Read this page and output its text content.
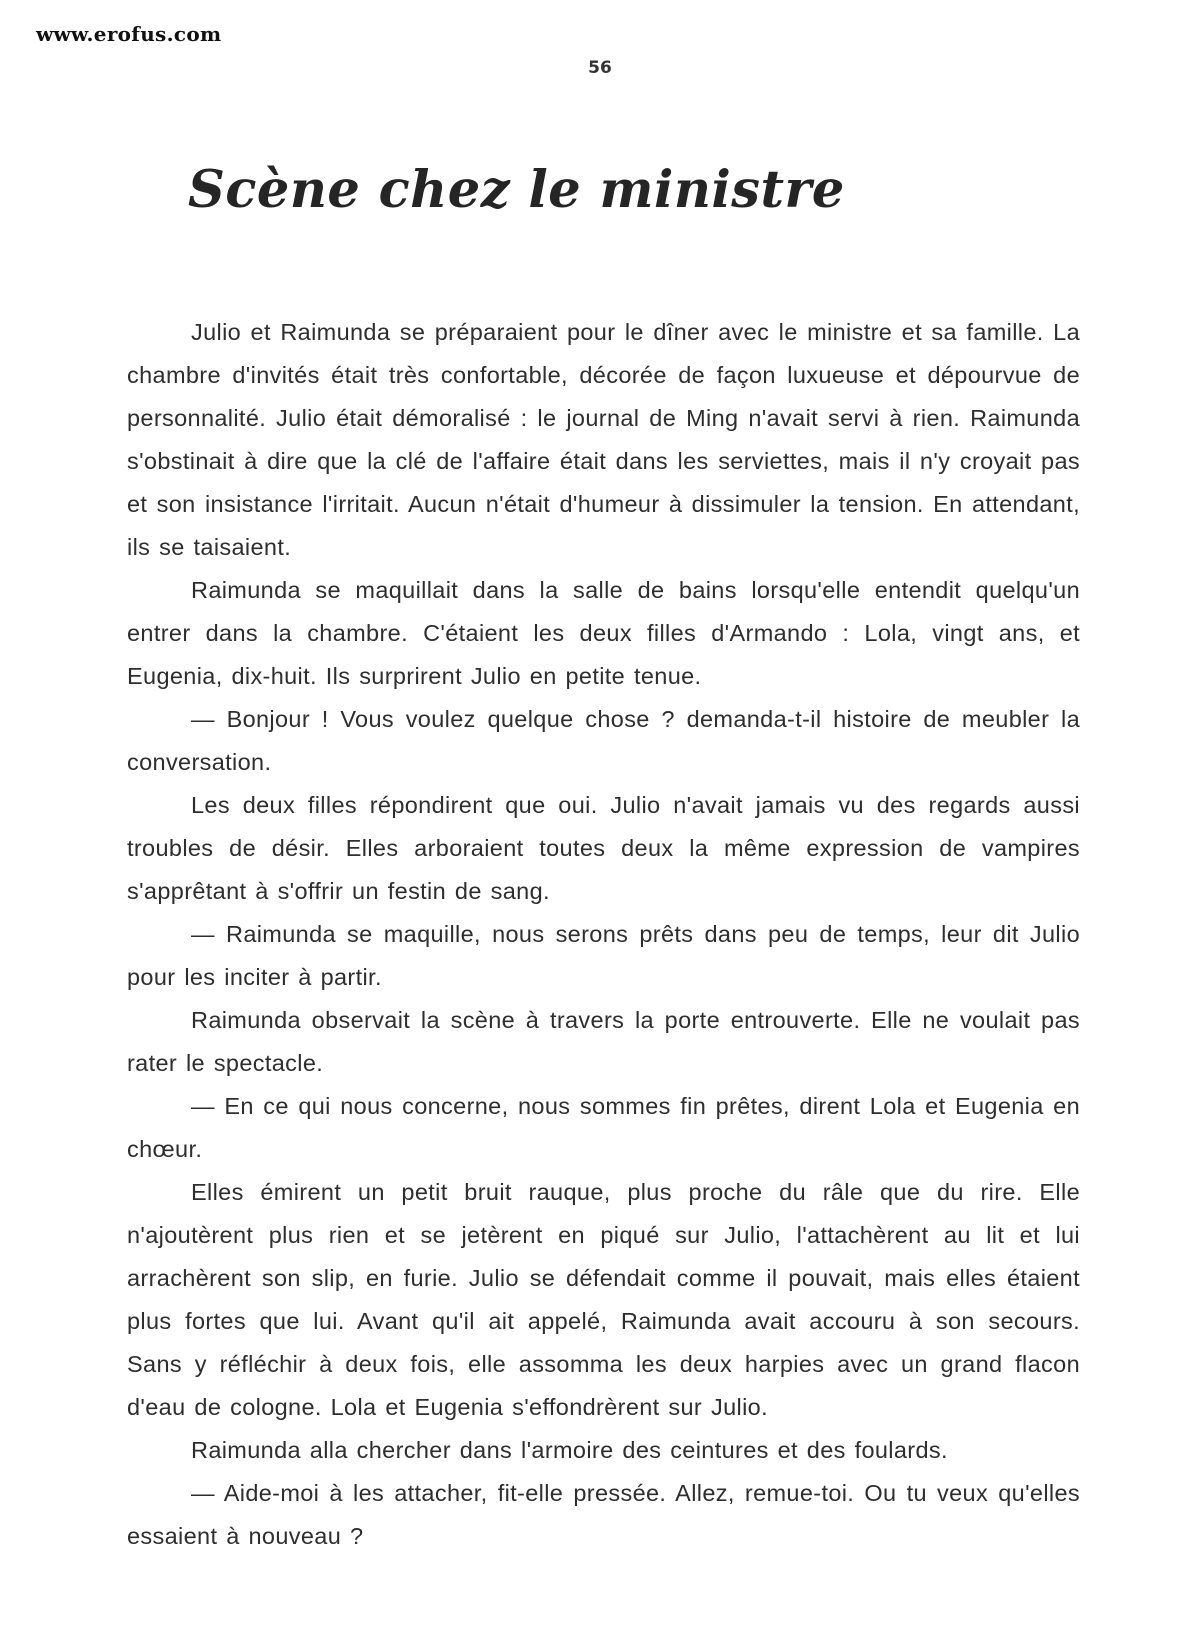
www.erofus.com
56
Scène chez le ministre

Julio et Raimunda se préparaient pour le dîner avec le ministre et sa famille. La chambre d'invités était très confortable, décorée de façon luxueuse et dépourvue de personnalité. Julio était démoralisé : le journal de Ming n'avait servi à rien. Raimunda s'obstinait à dire que la clé de l'affaire était dans les serviettes, mais il n'y croyait pas et son insistance l'irritait. Aucun n'était d'humeur à dissimuler la tension. En attendant, ils se taisaient.

Raimunda se maquillait dans la salle de bains lorsqu'elle entendit quelqu'un entrer dans la chambre. C'étaient les deux filles d'Armando : Lola, vingt ans, et Eugenia, dix-huit. Ils surprirent Julio en petite tenue.

— Bonjour ! Vous voulez quelque chose ? demanda-t-il histoire de meubler la conversation.

Les deux filles répondirent que oui. Julio n'avait jamais vu des regards aussi troubles de désir. Elles arboraient toutes deux la même expression de vampires s'apprêtant à s'offrir un festin de sang.

— Raimunda se maquille, nous serons prêts dans peu de temps, leur dit Julio pour les inciter à partir.

Raimunda observait la scène à travers la porte entrouverte. Elle ne voulait pas rater le spectacle.

— En ce qui nous concerne, nous sommes fin prêtes, dirent Lola et Eugenia en chœur.

Elles émirent un petit bruit rauque, plus proche du râle que du rire. Elle n'ajoutèrent plus rien et se jetèrent en piqué sur Julio, l'attachèrent au lit et lui arrachèrent son slip, en furie. Julio se défendait comme il pouvait, mais elles étaient plus fortes que lui. Avant qu'il ait appelé, Raimunda avait accouru à son secours. Sans y réfléchir à deux fois, elle assomma les deux harpies avec un grand flacon d'eau de cologne. Lola et Eugenia s'effondrèrent sur Julio.

Raimunda alla chercher dans l'armoire des ceintures et des foulards.

— Aide-moi à les attacher, fit-elle pressée. Allez, remue-toi. Ou tu veux qu'elles essaient à nouveau ?
